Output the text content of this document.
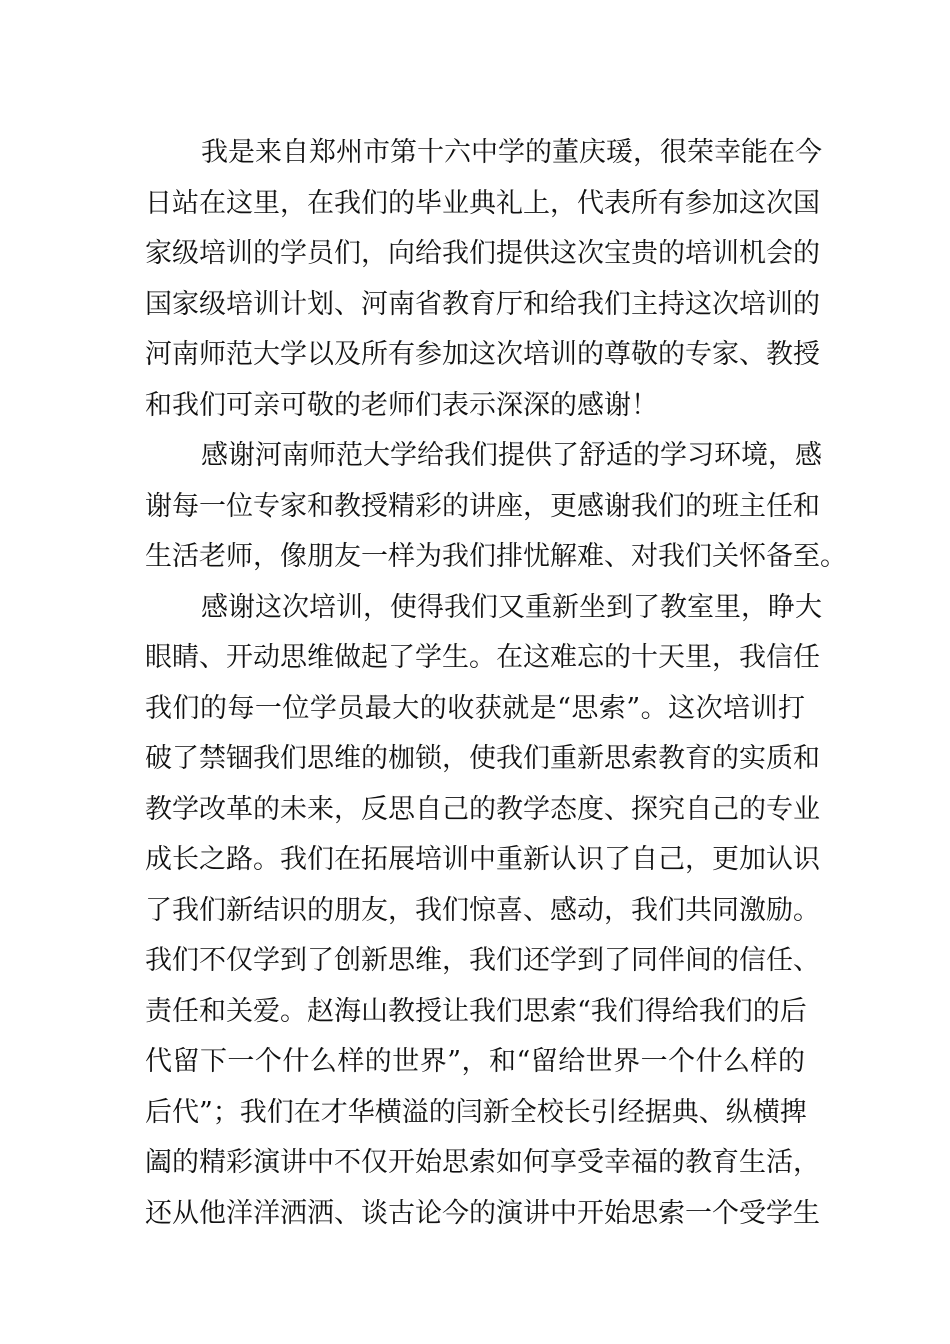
我是来自郑州市第十六中学的董庆瑗，很荣幸能在今
日站在这里，在我们的毕业典礼上，代表所有参加这次国
家级培训的学员们，向给我们提供这次宝贵的培训机会的
国家级培训计划、河南省教育厅和给我们主持这次培训的
河南师范大学以及所有参加这次培训的尊敬的专家、教授
和我们可亲可敬的老师们表示深深的感谢！
感谢河南师范大学给我们提供了舒适的学习环境，感
谢每一位专家和教授精彩的讲座，更感谢我们的班主任和
生活老师，像朋友一样为我们排忧解难、对我们关怀备至。
感谢这次培训，使得我们又重新坐到了教室里，睁大
眼睛、开动思维做起了学生。在这难忘的十天里，我信任
我们的每一位学员最大的收获就是“思索”。这次培训打
破了禁锢我们思维的枷锁，使我们重新思索教育的实质和
教学改革的未来，反思自己的教学态度、探究自己的专业
成长之路。我们在拓展培训中重新认识了自己，更加认识
了我们新结识的朋友，我们惊喜、感动，我们共同激励。
我们不仅学到了创新思维，我们还学到了同伴间的信任、
责任和关爱。赵海山教授让我们思索“我们得给我们的后
代留下一个什么样的世界”，和“留给世界一个什么样的
后代”；我们在才华横溢的闫新全校长引经据典、纵横捭
阖的精彩演讲中不仅开始思索如何享受幸福的教育生活，
还从他洋洋洒洒、谈古论今的演讲中开始思索一个受学生
